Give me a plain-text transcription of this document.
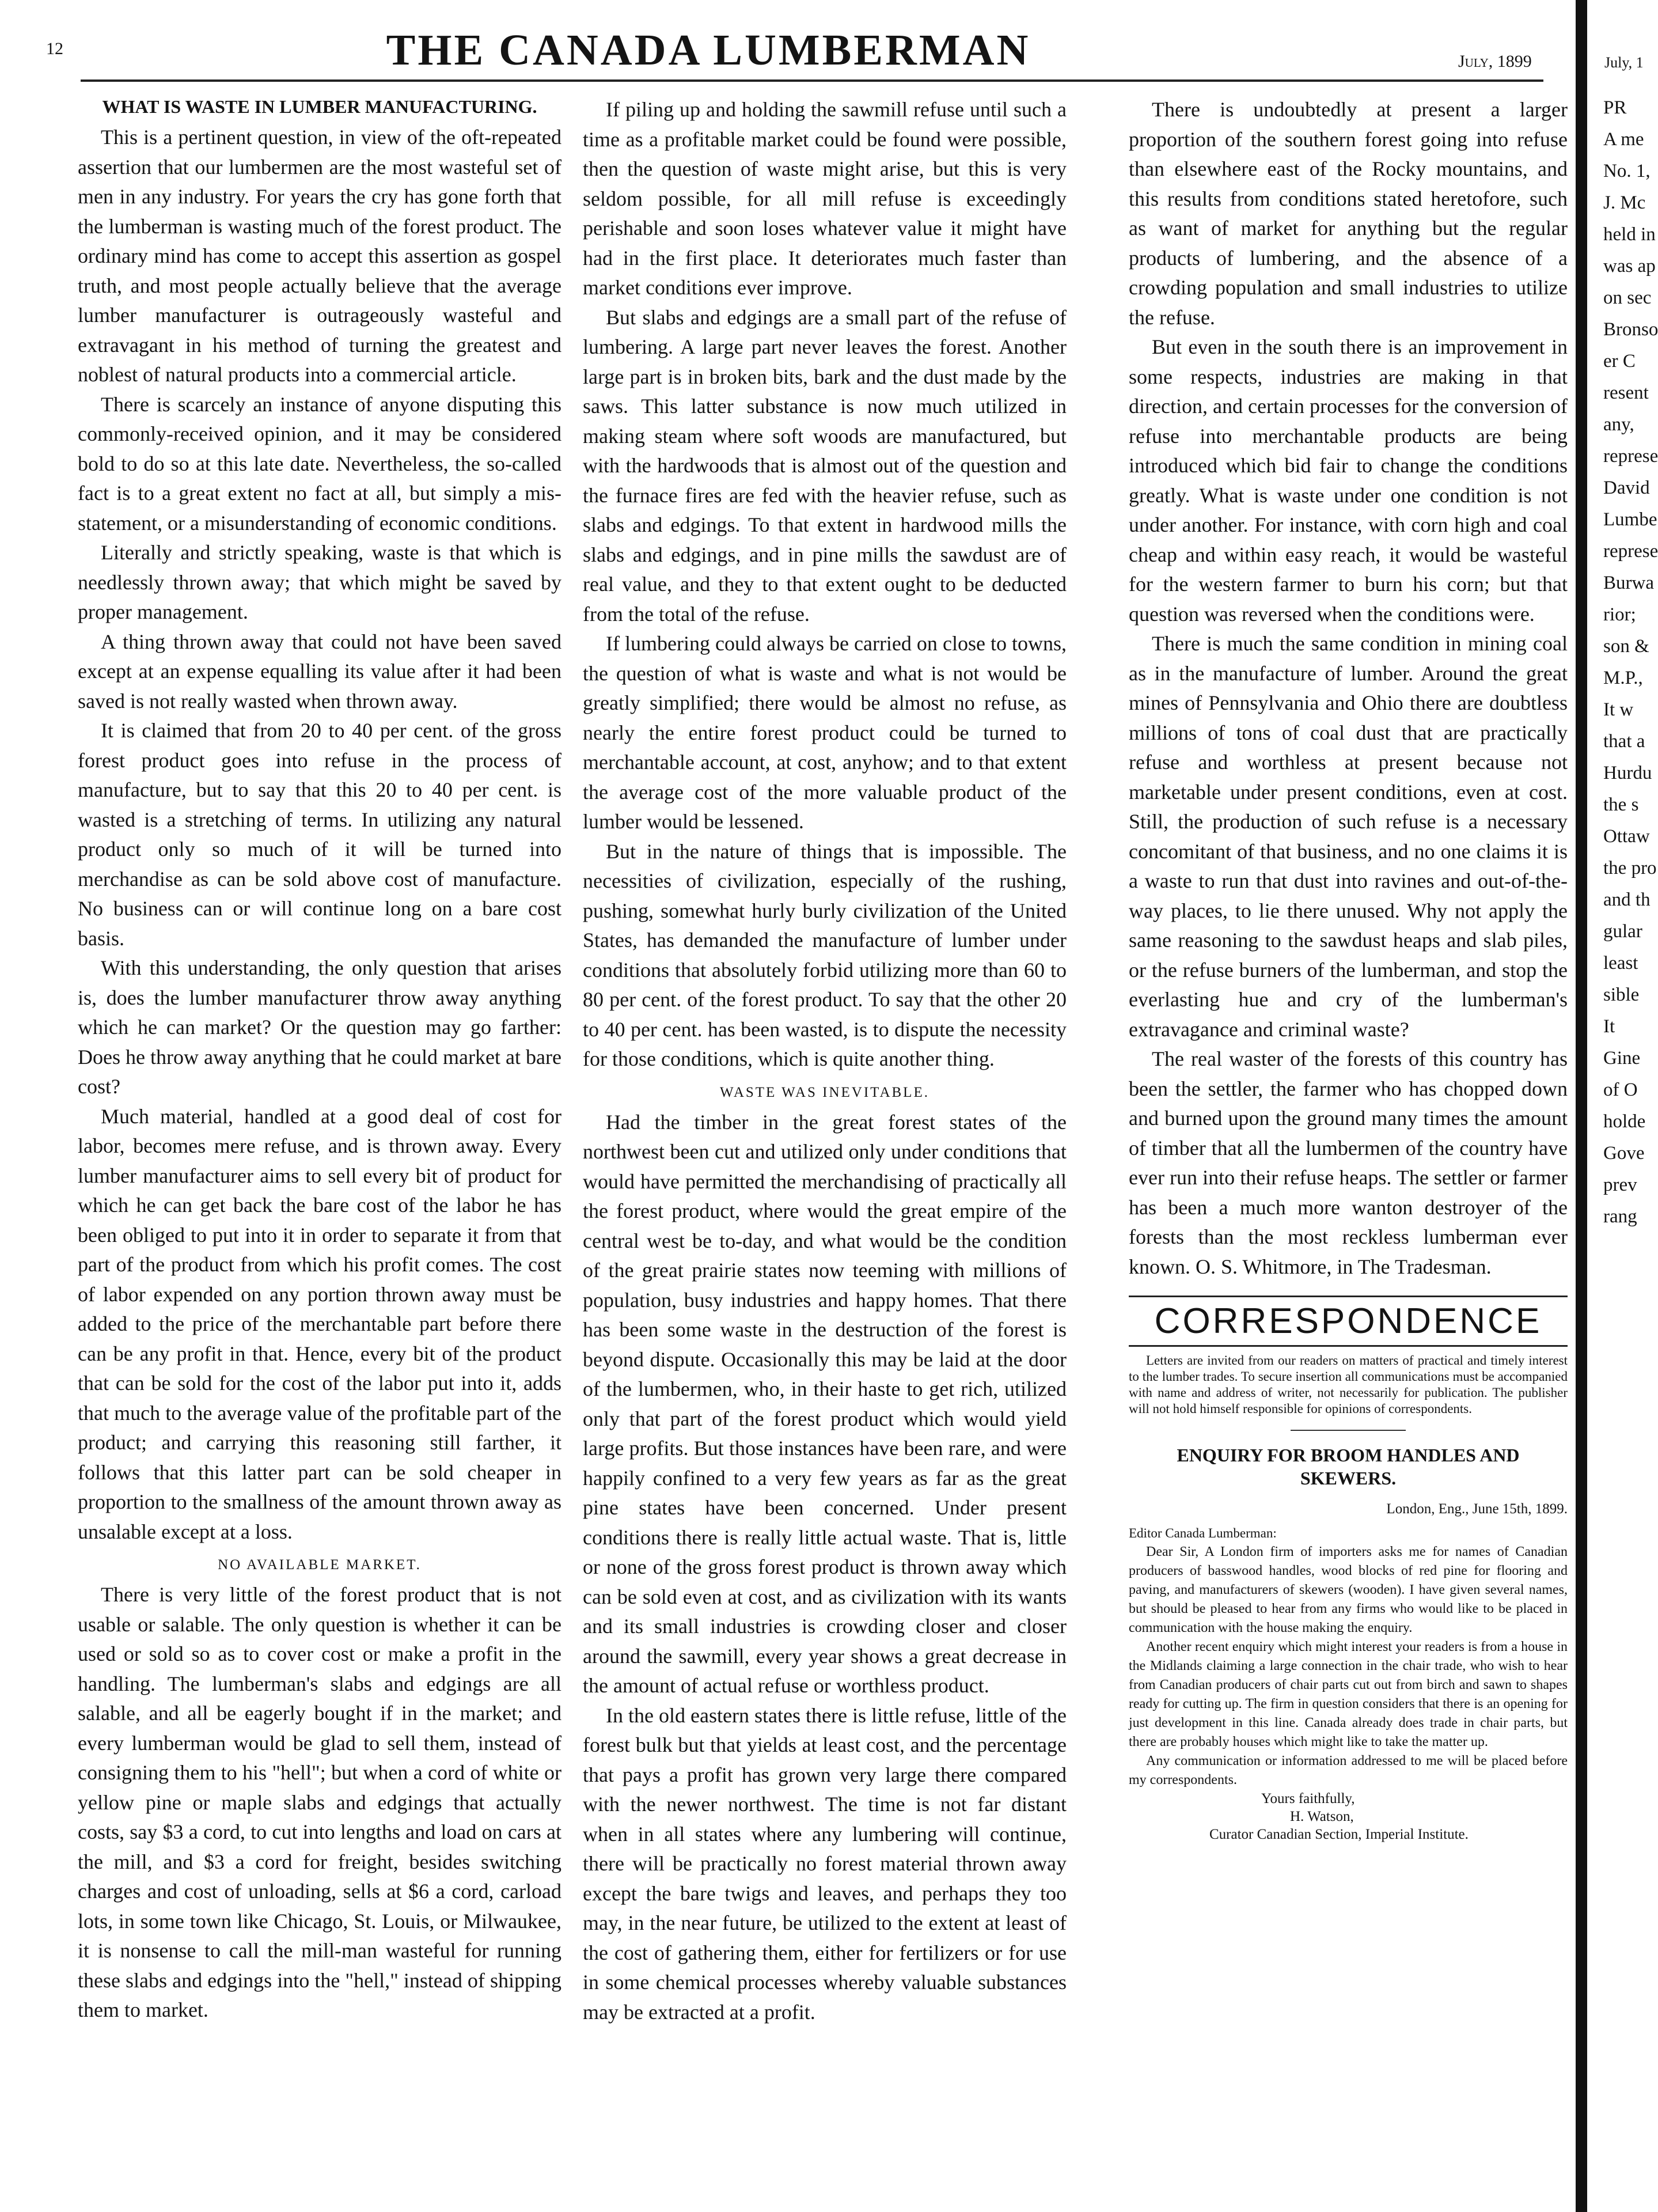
12	THE CANADA LUMBERMAN	July, 1899
WHAT IS WASTE IN LUMBER MANUFACTURING.

This is a pertinent question, in view of the oft-repeated assertion that our lumbermen are the most wasteful set of men in any industry. For years the cry has gone forth that the lumberman is wasting much of the forest product. The ordinary mind has come to accept this assertion as gospel truth, and most people actually believe that the average lumber manufacturer is outrageously wasteful and extravagant in his method of turning the greatest and noblest of natural products into a commercial article.

There is scarcely an instance of anyone disputing this commonly-received opinion, and it may be considered bold to do so at this late date. Nevertheless, the so-called fact is to a great extent no fact at all, but simply a mis-statement, or a misunderstanding of economic conditions.

Literally and strictly speaking, waste is that which is needlessly thrown away; that which might be saved by proper management.

A thing thrown away that could not have been saved except at an expense equalling its value after it had been saved is not really wasted when thrown away.

It is claimed that from 20 to 40 per cent. of the gross forest product goes into refuse in the process of manufacture, but to say that this 20 to 40 per cent. is wasted is a stretching of terms. In utilizing any natural product only so much of it will be turned into merchandise as can be sold above cost of manufacture. No business can or will continue long on a bare cost basis.

With this understanding, the only question that arises is, does the lumber manufacturer throw away anything which he can market? Or the question may go farther: Does he throw away anything that he could market at bare cost?

Much material, handled at a good deal of cost for labor, becomes mere refuse, and is thrown away. Every lumber manufacturer aims to sell every bit of product for which he can get back the bare cost of the labor he has been obliged to put into it in order to separate it from that part of the product from which his profit comes. The cost of labor expended on any portion thrown away must be added to the price of the merchantable part before there can be any profit in that. Hence, every bit of the product that can be sold for the cost of the labor put into it, adds that much to the average value of the profitable part of the product; and carrying this reasoning still farther, it follows that this latter part can be sold cheaper in proportion to the smallness of the amount thrown away as unsalable except at a loss.

NO AVAILABLE MARKET.

There is very little of the forest product that is not usable or salable. The only question is whether it can be used or sold so as to cover cost or make a profit in the handling. The lumberman's slabs and edgings are all salable, and all be eagerly bought if in the market; and every lumberman would be glad to sell them, instead of consigning them to his "hell"; but when a cord of white or yellow pine or maple slabs and edgings that actually costs, say $3 a cord, to cut into lengths and load on cars at the mill, and $3 a cord for freight, besides switching charges and cost of unloading, sells at $6 a cord, carload lots, in some town like Chicago, St. Louis, or Milwaukee, it is nonsense to call the mill-man wasteful for running these slabs and edgings into the "hell," instead of shipping them to market.

If piling up and holding the sawmill refuse until such a time as a profitable market could be found were possible, then the question of waste might arise, but this is very seldom possible, for all mill refuse is exceedingly perishable and soon loses whatever value it might have had in the first place. It deteriorates much faster than market conditions ever improve.

But slabs and edgings are a small part of the refuse of lumbering. A large part never leaves the forest. Another large part is in broken bits, bark and the dust made by the saws. This latter substance is now much utilized in making steam where soft woods are manufactured, but with the hardwoods that is almost out of the question and the furnace fires are fed with the heavier refuse, such as slabs and edgings. To that extent in hardwood mills the slabs and edgings, and in pine mills the sawdust are of real value, and they to that extent ought to be deducted from the total of the refuse.

If lumbering could always be carried on close to towns, the question of what is waste and what is not would be greatly simplified; there would be almost no refuse, as nearly the entire forest product could be turned to merchantable account, at cost, anyhow; and to that extent the average cost of the more valuable product of the lumber would be lessened.

But in the nature of things that is impossible. The necessities of civilization, especially of the rushing, pushing, somewhat hurly burly civilization of the United States, has demanded the manufacture of lumber under conditions that absolutely forbid utilizing more than 60 to 80 per cent. of the forest product. To say that the other 20 to 40 per cent. has been wasted, is to dispute the necessity for those conditions, which is quite another thing.

WASTE WAS INEVITABLE.

Had the timber in the great forest states of the northwest been cut and utilized only under conditions that would have permitted the merchandising of practically all the forest product, where would the great empire of the central west be to-day, and what would be the condition of the great prairie states now teeming with millions of population, busy industries and happy homes. That there has been some waste in the destruction of the forest is beyond dispute. Occasionally this may be laid at the door of the lumbermen, who, in their haste to get rich, utilized only that part of the forest product which would yield large profits. But those instances have been rare, and were happily confined to a very few years as far as the great pine states have been concerned. Under present conditions there is really little actual waste. That is, little or none of the gross forest product is thrown away which can be sold even at cost, and as civilization with its wants and its small industries is crowding closer and closer around the sawmill, every year shows a great decrease in the amount of actual refuse or worthless product.

In the old eastern states there is little refuse, little of the forest bulk but that yields at least cost, and the percentage that pays a profit has grown very large there compared with the newer northwest. The time is not far distant when in all states where any lumbering will continue, there will be practically no forest material thrown away except the bare twigs and leaves, and perhaps they too may, in the near future, be utilized to the extent at least of the cost of gathering them, either for fertilizers or for use in some chemical processes whereby valuable substances may be extracted at a profit.

There is undoubtedly at present a larger proportion of the southern forest going into refuse than elsewhere east of the Rocky mountains, and this results from conditions stated heretofore, such as want of market for anything but the regular products of lumbering, and the absence of a crowding population and small industries to utilize the refuse.

But even in the south there is an improvement in some respects, industries are making in that direction, and certain processes for the conversion of refuse into merchantable products are being introduced which bid fair to change the conditions greatly. What is waste under one condition is not under another. For instance, with corn high and coal cheap and within easy reach, it would be wasteful for the western farmer to burn his corn; but that question was reversed when the conditions were.

There is much the same condition in mining coal as in the manufacture of lumber. Around the great mines of Pennsylvania and Ohio there are doubtless millions of tons of coal dust that are practically refuse and worthless at present because not marketable under present conditions, even at cost. Still, the production of such refuse is a necessary concomitant of that business, and no one claims it is a waste to run that dust into ravines and out-of-the-way places, to lie there unused. Why not apply the same reasoning to the sawdust heaps and slab piles, or the refuse burners of the lumberman, and stop the everlasting hue and cry of the lumberman's extravagance and criminal waste?

The real waster of the forests of this country has been the settler, the farmer who has chopped down and burned upon the ground many times the amount of timber that all the lumbermen of the country have ever run into their refuse heaps. The settler or farmer has been a much more wanton destroyer of the forests than the most reckless lumberman ever known. O. S. Whitmore, in The Tradesman.

CORRESPONDENCE

Letters are invited from our readers on matters of practical and timely interest to the lumber trades. To secure insertion all communications must be accompanied with name and address of writer, not necessarily for publication. The publisher will not hold himself responsible for opinions of correspondents.

ENQUIRY FOR BROOM HANDLES AND SKEWERS.

London, Eng., June 15th, 1899.

Editor Canada Lumberman:

Dear Sir, A London firm of importers asks me for names of Canadian producers of basswood handles, wood blocks of red pine for flooring and paving, and manufacturers of skewers (wooden). I have given several names, but should be pleased to hear from any firms who would like to be placed in communication with the house making the enquiry.

Another recent enquiry which might interest your readers is from a house in the Midlands claiming a large connection in the chair trade, who wish to hear from Canadian producers of chair parts cut out from birch and sawn to shapes ready for cutting up. The firm in question considers that there is an opening for just development in this line. Canada already does trade in chair parts, but there are probably houses which might like to take the matter up.

Any communication or information addressed to me will be placed before my correspondents.

Yours faithfully,

H. Watson,

Curator Canadian Section, Imperial Institute.

July, 1
PR
A me
No. 1,
J. Mc
held in
was ap
on sec
Bronso
er C
resent
any,
represe
David
Lumbe
represe
Burwa
rior;
son &
M.P.,
It w
that a
Hurdu
the s
Ottaw
the pro
and th
gular
least
sible
It
Gine
of O
holde
Gove
prev
rang
